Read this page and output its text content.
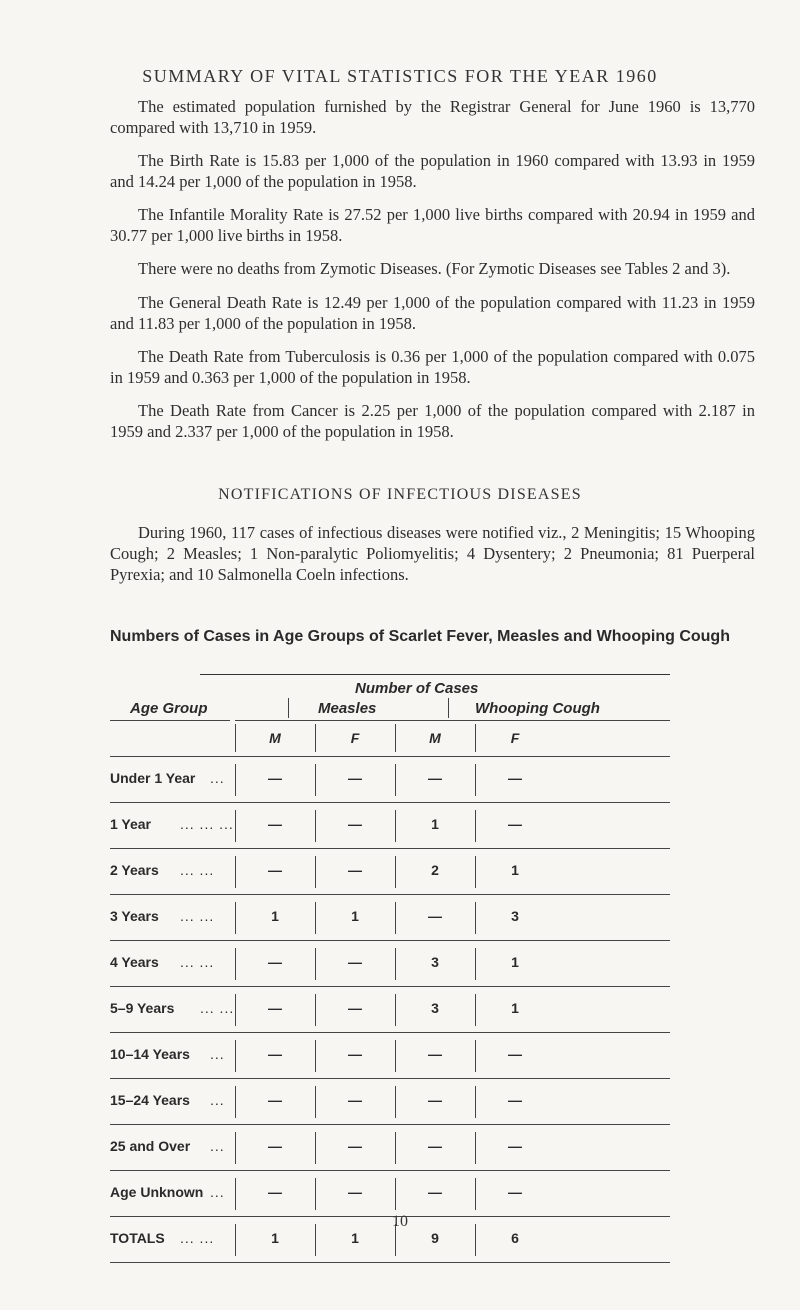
SUMMARY OF VITAL STATISTICS FOR THE YEAR 1960

The estimated population furnished by the Registrar General for June 1960 is 13,770 compared with 13,710 in 1959.

The Birth Rate is 15.83 per 1,000 of the population in 1960 compared with 13.93 in 1959 and 14.24 per 1,000 of the population in 1958.

The Infantile Morality Rate is 27.52 per 1,000 live births compared with 20.94 in 1959 and 30.77 per 1,000 live births in 1958.

There were no deaths from Zymotic Diseases. (For Zymotic Diseases see Tables 2 and 3).

The General Death Rate is 12.49 per 1,000 of the population compared with 11.23 in 1959 and 11.83 per 1,000 of the population in 1958.

The Death Rate from Tuberculosis is 0.36 per 1,000 of the population compared with 0.075 in 1959 and 0.363 per 1,000 of the population in 1958.

The Death Rate from Cancer is 2.25 per 1,000 of the population compared with 2.187 in 1959 and 2.337 per 1,000 of the population in 1958.

NOTIFICATIONS OF INFECTIOUS DISEASES

During 1960, 117 cases of infectious diseases were notified viz., 2 Meningitis; 15 Whooping Cough; 2 Measles; 1 Non-paralytic Poliomyelitis; 4 Dysentery; 2 Pneumonia; 81 Puerperal Pyrexia; and 10 Salmonella Coeln infections.

Numbers of Cases in Age Groups of Scarlet Fever, Measles and Whooping Cough
Number of Cases
Age Group	Measles	Whooping Cough
M	F	M	F
Under 1 Year ...	—	—	—	—
1 Year ... ... ...	—	—	1	—
2 Years ... ...	—	—	2	1
3 Years ... ...	1	1	—	3
4 Years ... ...	—	—	3	1
5–9 Years ... ...	—	—	3	1
10–14 Years ...	—	—	—	—
15–24 Years ...	—	—	—	—
25 and Over ...	—	—	—	—
Age Unknown ...	—	—	—	—
TOTALS ... ...	1	1	9	6
10
